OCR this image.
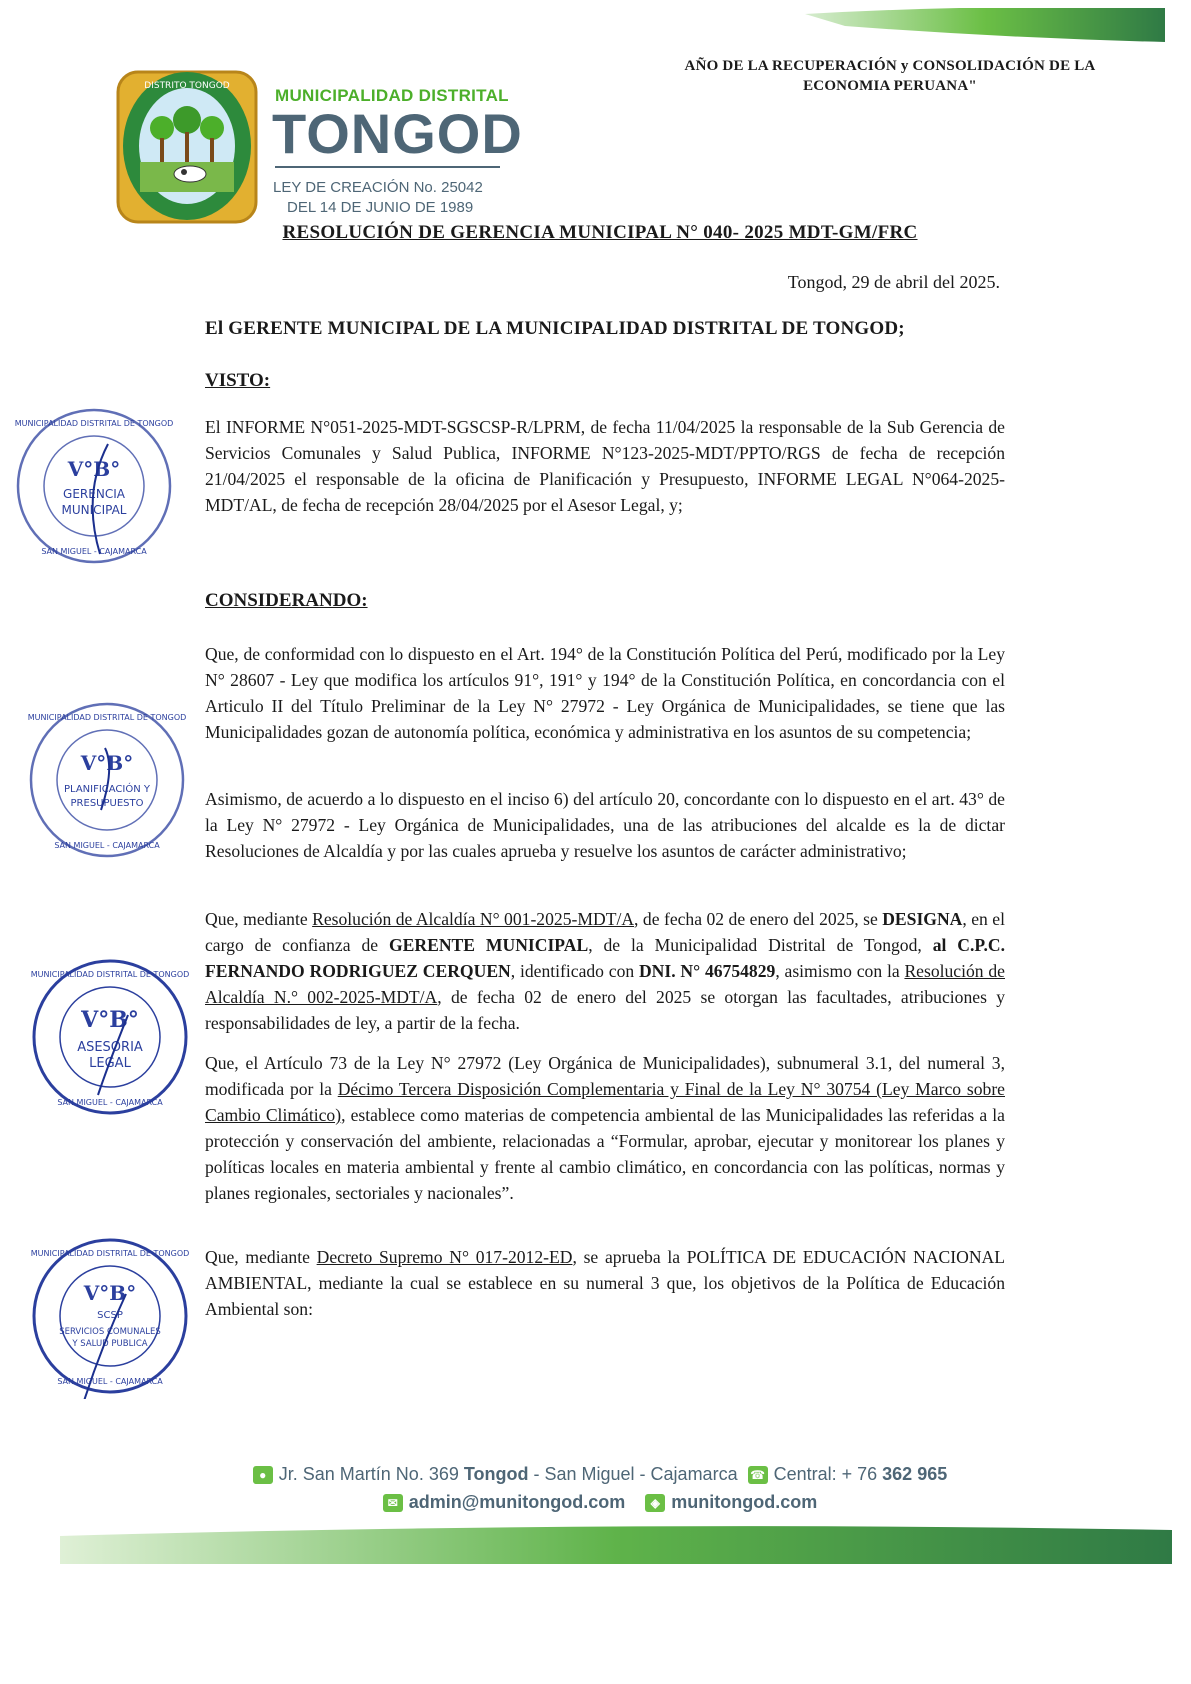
AÑO DE LA RECUPERACIÓN y CONSOLIDACIÓN DE LA
ECONOMIA PERUANA"
DISTRITO TONGOD	MUNICIPALIDAD DISTRITAL
TONGOD
LEY DE CREACIÓN No. 25042
DEL 14 DE JUNIO DE 1989
RESOLUCIÓN DE GERENCIA MUNICIPAL N° 040- 2025 MDT-GM/FRC
Tongod, 29 de abril del 2025.
El GERENTE MUNICIPAL DE LA MUNICIPALIDAD DISTRITAL DE TONGOD;
VISTO:
El INFORME N°051-2025-MDT-SGSCSP-R/LPRM, de fecha 11/04/2025 la responsable de la Sub Gerencia de Servicios Comunales y Salud Publica, INFORME N°123-2025-MDT/PPTO/RGS de fecha de recepción 21/04/2025 el responsable de la oficina de Planificación y Presupuesto, INFORME LEGAL N°064-2025-MDT/AL, de fecha de recepción 28/04/2025 por el Asesor Legal, y;
CONSIDERANDO:
Que, de conformidad con lo dispuesto en el Art. 194° de la Constitución Política del Perú, modificado por la Ley N° 28607 - Ley que modifica los artículos 91°, 191° y 194° de la Constitución Política, en concordancia con el Articulo II del Título Preliminar de la Ley N° 27972 - Ley Orgánica de Municipalidades, se tiene que las Municipalidades gozan de autonomía política, económica y administrativa en los asuntos de su competencia;
Asimismo, de acuerdo a lo dispuesto en el inciso 6) del artículo 20, concordante con lo dispuesto en el art. 43° de la Ley N° 27972 - Ley Orgánica de Municipalidades, una de las atribuciones del alcalde es la de dictar Resoluciones de Alcaldía y por las cuales aprueba y resuelve los asuntos de carácter administrativo;
Que, mediante Resolución de Alcaldía N° 001-2025-MDT/A, de fecha 02 de enero del 2025, se DESIGNA, en el cargo de confianza de GERENTE MUNICIPAL, de la Municipalidad Distrital de Tongod, al C.P.C. FERNANDO RODRIGUEZ CERQUEN, identificado con DNI. N° 46754829, asimismo con la Resolución de Alcaldía N.° 002-2025-MDT/A, de fecha 02 de enero del 2025 se otorgan las facultades, atribuciones y responsabilidades de ley, a partir de la fecha.
Que, el Artículo 73 de la Ley N° 27972 (Ley Orgánica de Municipalidades), subnumeral 3.1, del numeral 3, modificada por la Décimo Tercera Disposición Complementaria y Final de la Ley N° 30754 (Ley Marco sobre Cambio Climático), establece como materias de competencia ambiental de las Municipalidades las referidas a la protección y conservación del ambiente, relacionadas a “Formular, aprobar, ejecutar y monitorear los planes y políticas locales en materia ambiental y frente al cambio climático, en concordancia con las políticas, normas y planes regionales, sectoriales y nacionales”.
Que, mediante Decreto Supremo N° 017-2012-ED, se aprueba la POLÍTICA DE EDUCACIÓN NACIONAL AMBIENTAL, mediante la cual se establece en su numeral 3 que, los objetivos de la Política de Educación Ambiental son:
MUNICIPALIDAD DISTRITAL DE TONGOD
V°B°
GERENCIA
MUNICIPAL
SAN MIGUEL - CAJAMARCA
MUNICIPALIDAD DISTRITAL DE TONGOD
V°B°
PLANIFICACIÓN Y
PRESUPUESTO
SAN MIGUEL - CAJAMARCA
MUNICIPALIDAD DISTRITAL DE TONGOD
V°B°
ASESORIA
LEGAL
SAN MIGUEL - CAJAMARCA
MUNICIPALIDAD DISTRITAL DE TONGOD
V°B°
SCSP
SERVICIOS COMUNALES
Y SALUD PUBLICA
SAN MIGUEL - CAJAMARCA
● Jr. San Martín No. 369 Tongod - San Miguel - Cajamarca ☎ Central: + 76 362 965
✉ admin@munitongod.com ◈ munitongod.com
